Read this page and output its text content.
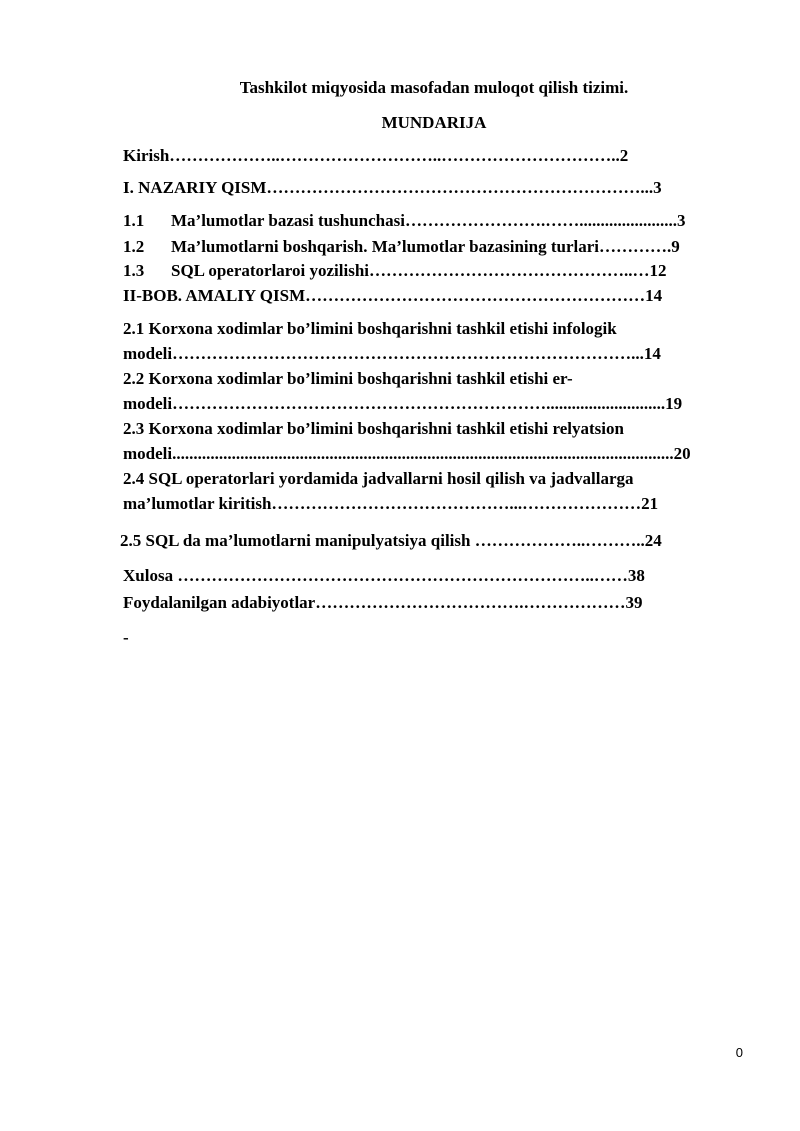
Tashkilot miqyosida masofadan muloqot qilish tizimi.
MUNDARIJA
Kirish………………..………………………..…………………………..2
I. NAZARIY QISM…………………………………………………………...3
1.1 Ma’lumotlar bazasi tushunchasi…………………….…….......................3
1.2 Ma’lumotlarni boshqarish. Ma’lumotlar bazasining turlari………….9
1.3 SQL operatorlaroi yozilishi………………………………………..…12
II-BOB. AMALIY QISM……………………………………………………14
2.1 Korxona xodimlar bo’limini boshqarishni tashkil etishi infologik
modeli………………………………………………………………………...14
2.2 Korxona xodimlar bo’limini boshqarishni tashkil etishi er-
modeli…………………………………………………………............................19
2.3 Korxona xodimlar bo’limini boshqarishni tashkil etishi relyatsion
modeli......................................................................................................................20
2.4 SQL operatorlari yordamida jadvallarni hosil qilish va jadvallarga
ma’lumotlar kiritish……………………………………...…………………21
2.5 SQL da ma’lumotlarni manipulyatsiya qilish ………………..………..24
Xulosa ………………………………………………………………..……38
Foydalanilgan adabiyotlar……………………………….………………39
-
0
